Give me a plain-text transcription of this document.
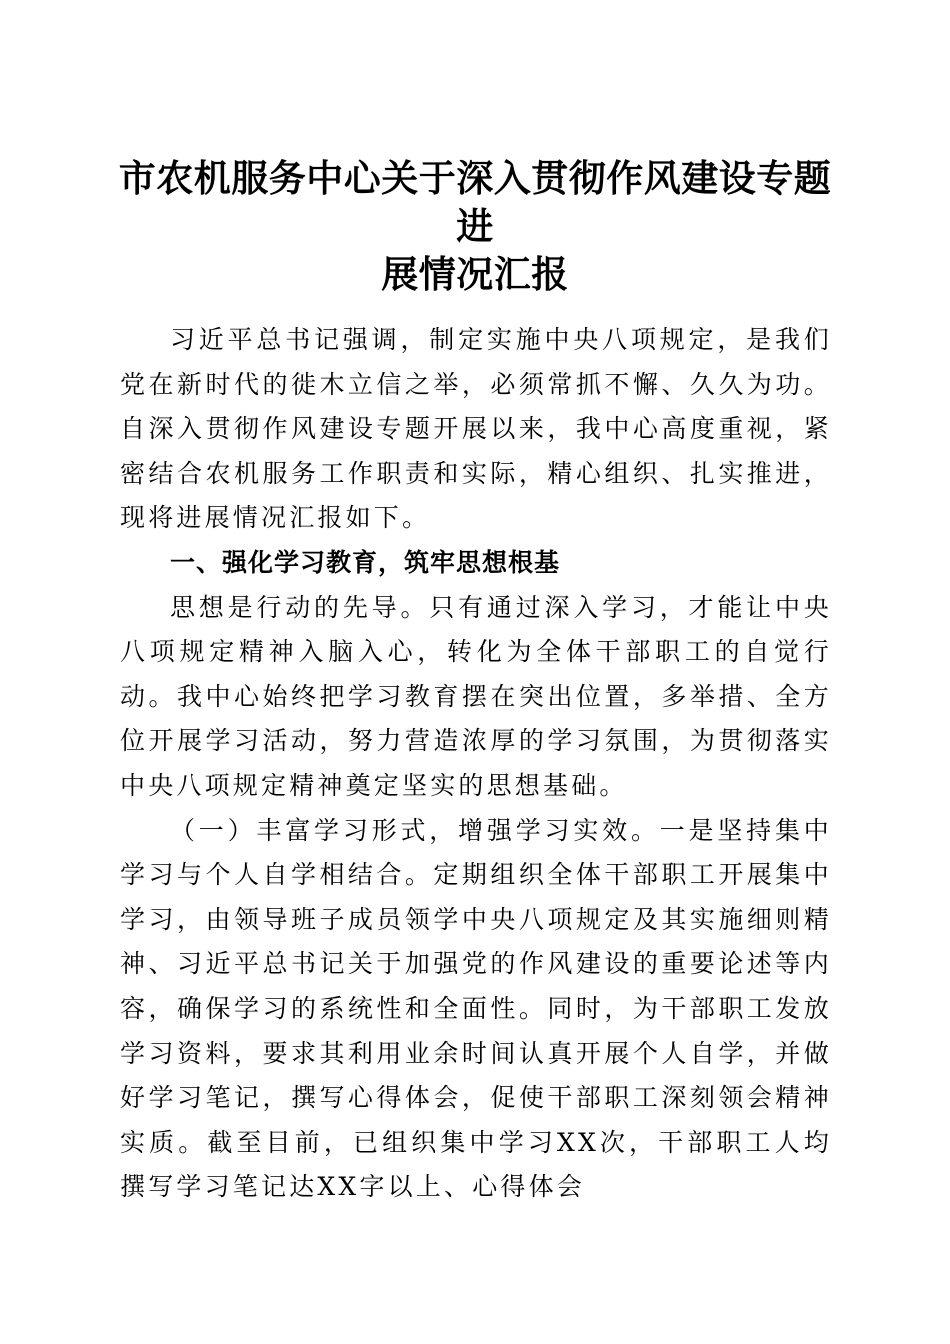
市农机服务中心关于深入贯彻作风建设专题进
展情况汇报

习近平总书记强调，制定实施中央八项规定，是我们党在新时代的徙木立信之举，必须常抓不懈、久久为功。自深入贯彻作风建设专题开展以来，我中心高度重视，紧密结合农机服务工作职责和实际，精心组织、扎实推进，现将进展情况汇报如下。

一、强化学习教育，筑牢思想根基

思想是行动的先导。只有通过深入学习，才能让中央八项规定精神入脑入心，转化为全体干部职工的自觉行动。我中心始终把学习教育摆在突出位置，多举措、全方位开展学习活动，努力营造浓厚的学习氛围，为贯彻落实中央八项规定精神奠定坚实的思想基础。

（一）丰富学习形式，增强学习实效。一是坚持集中学习与个人自学相结合。定期组织全体干部职工开展集中学习，由领导班子成员领学中央八项规定及其实施细则精神、习近平总书记关于加强党的作风建设的重要论述等内容，确保学习的系统性和全面性。同时，为干部职工发放学习资料，要求其利用业余时间认真开展个人自学，并做好学习笔记，撰写心得体会，促使干部职工深刻领会精神实质。截至目前，已组织集中学习XX次，干部职工人均撰写学习笔记达XX字以上、心得体会
